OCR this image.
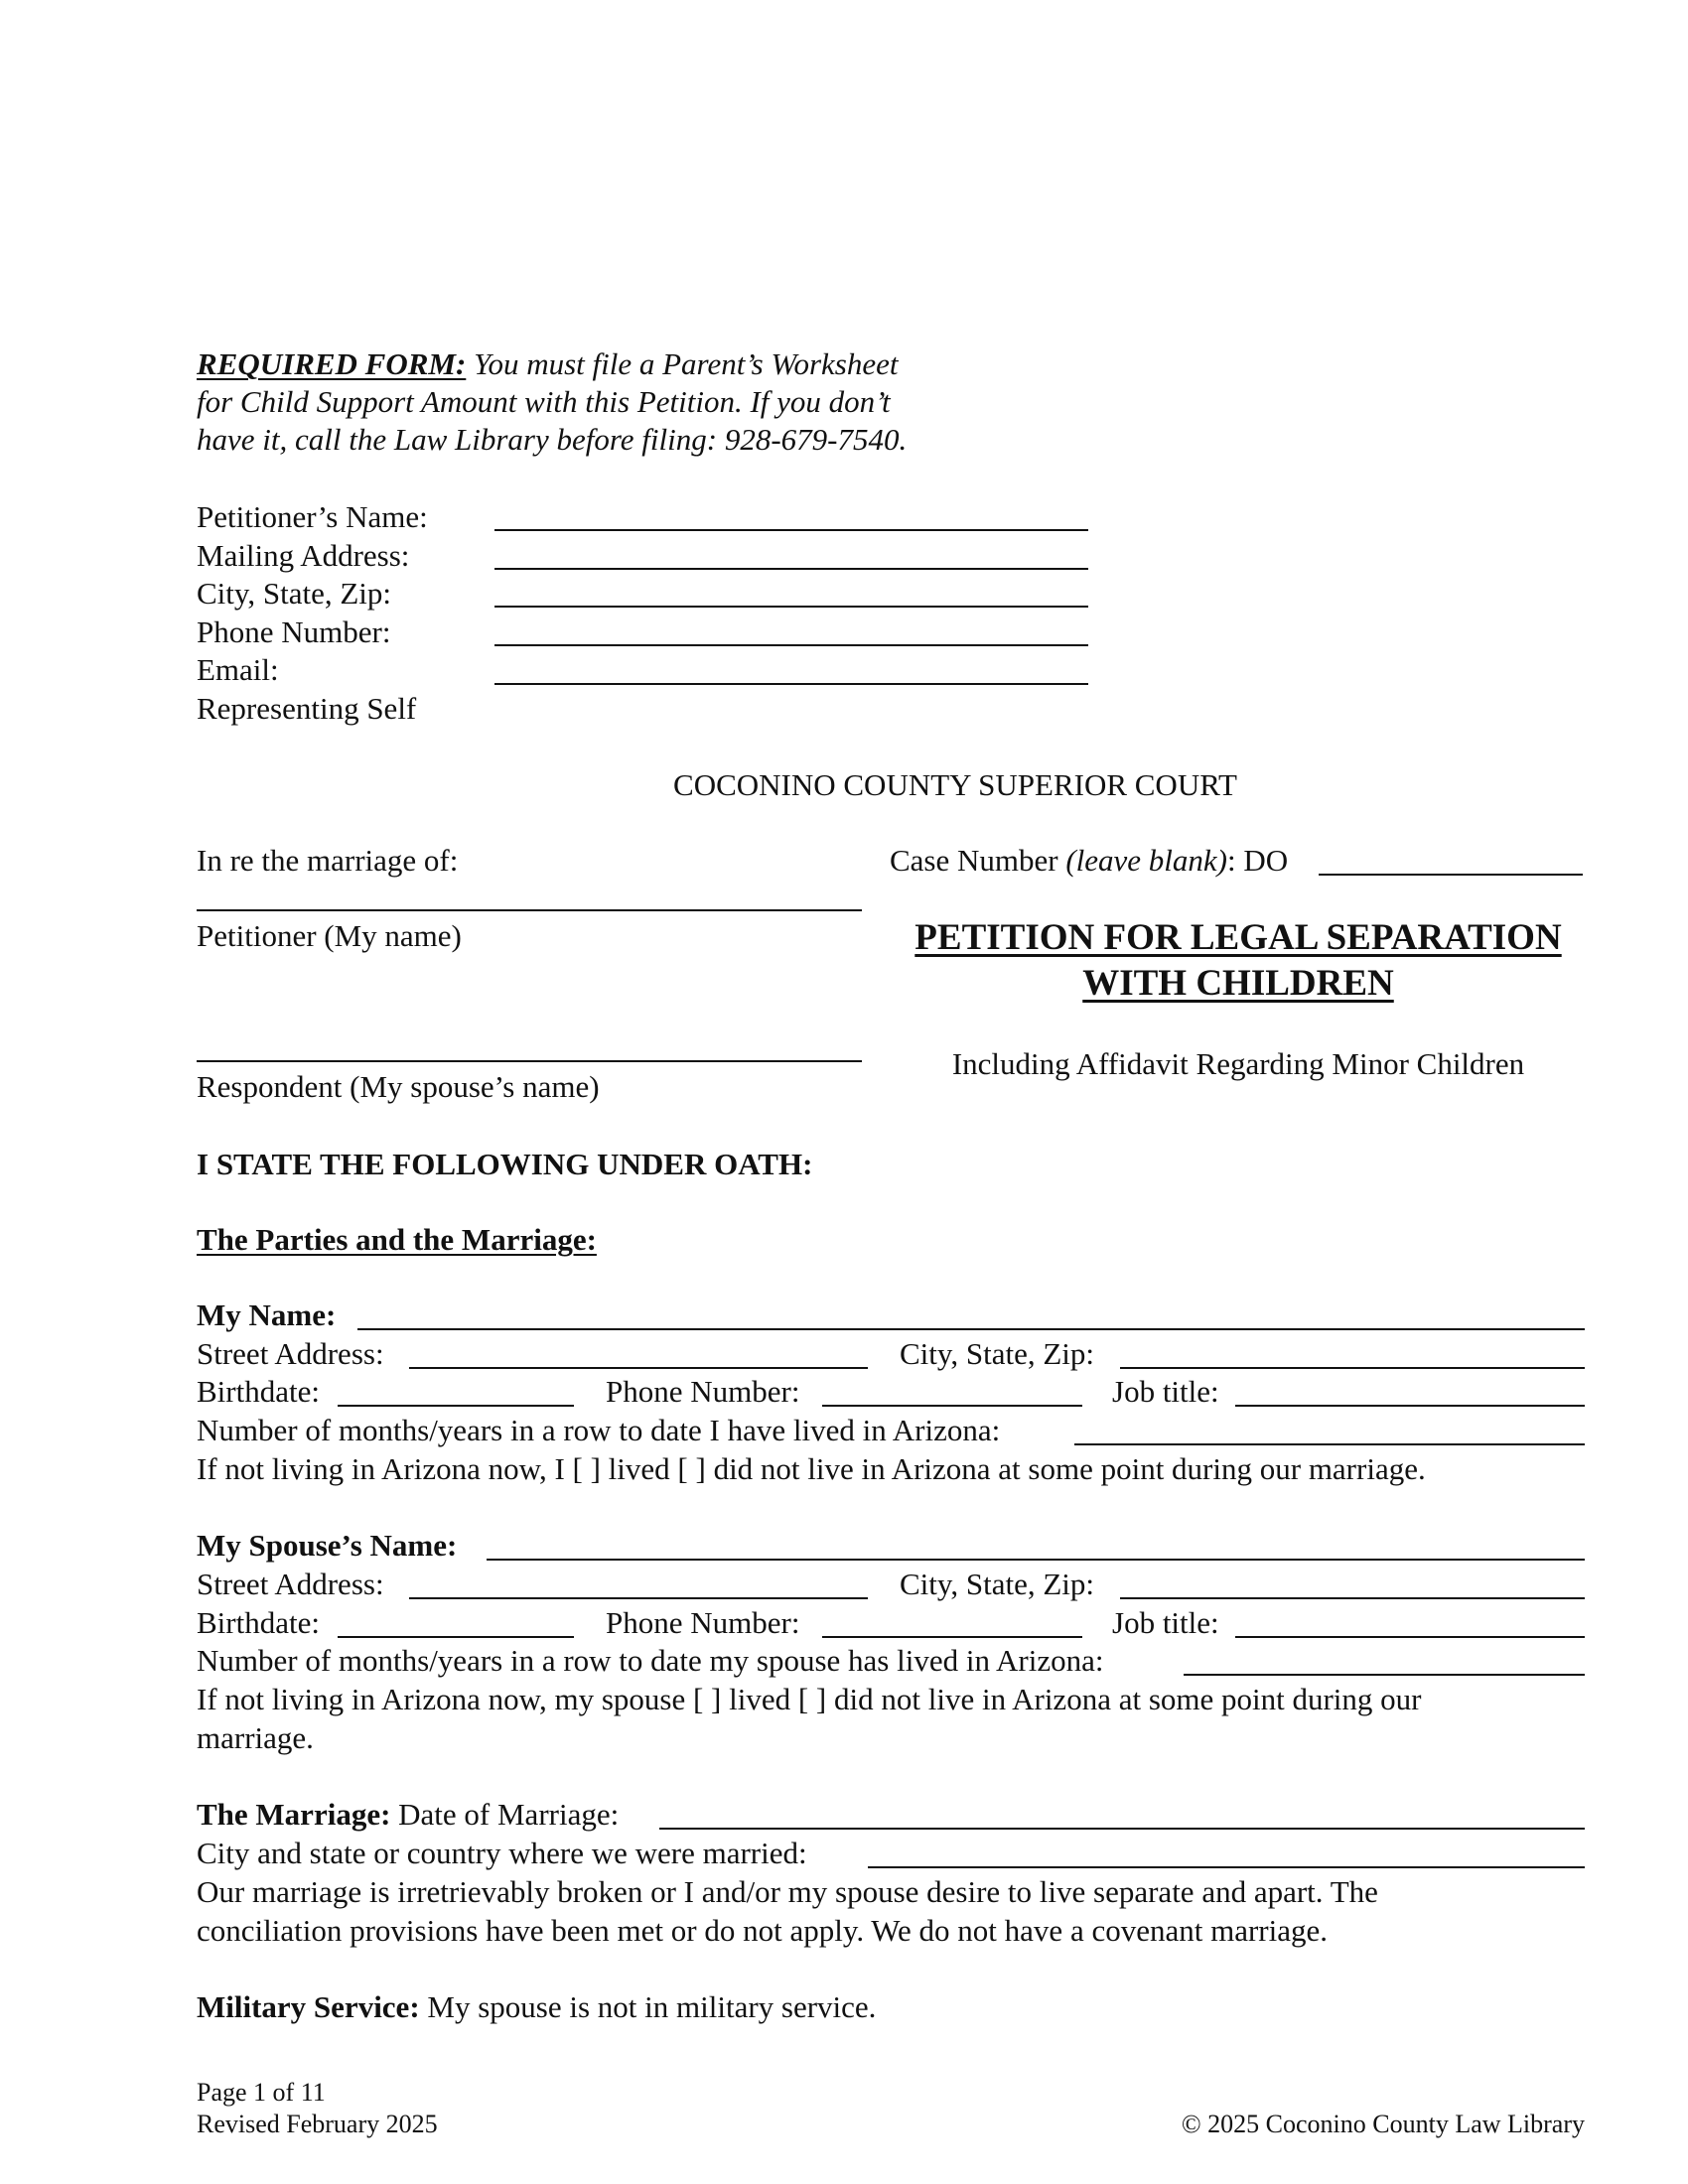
REQUIRED FORM: You must file a Parent’s Worksheet
for Child Support Amount with this Petition. If you don’t
have it, call the Law Library before filing: 928-679-7540.
Petitioner’s Name:
Mailing Address:
City, State, Zip:
Phone Number:
Email:
Representing Self
COCONINO COUNTY SUPERIOR COURT
In re the marriage of:	Case Number (leave blank): DO
Petitioner (My name)	PETITION FOR LEGAL SEPARATION
WITH CHILDREN
Respondent (My spouse’s name)
Including Affidavit Regarding Minor Children
I STATE THE FOLLOWING UNDER OATH:
The Parties and the Marriage:
My Name:
Street Address:	City, State, Zip:
Birthdate:	Phone Number:	Job title:
Number of months/years in a row to date I have lived in Arizona:
If not living in Arizona now, I [ ] lived [ ] did not live in Arizona at some point during our marriage.
My Spouse’s Name:
Street Address:	City, State, Zip:
Birthdate:	Phone Number:	Job title:
Number of months/years in a row to date my spouse has lived in Arizona:
If not living in Arizona now, my spouse [ ] lived [ ] did not live in Arizona at some point during our
marriage.
The Marriage: Date of Marriage:
City and state or country where we were married:
Our marriage is irretrievably broken or I and/or my spouse desire to live separate and apart. The
conciliation provisions have been met or do not apply. We do not have a covenant marriage.
Military Service: My spouse is not in military service.
Page 1 of 11
Revised February 2025	© 2025 Coconino County Law Library
